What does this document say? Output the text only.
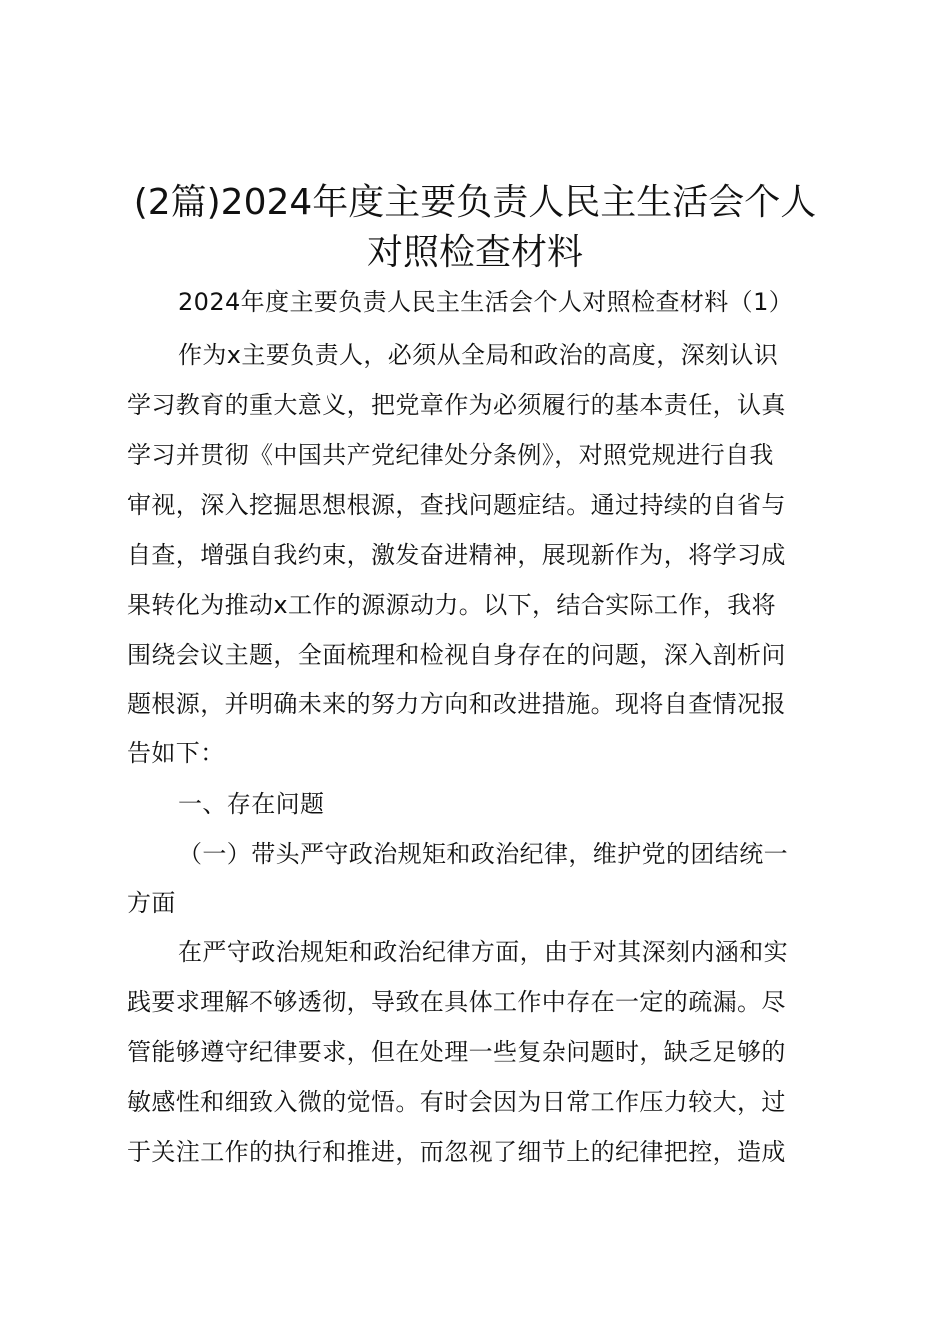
(2篇)2024年度主要负责人民主生活会个人
对照检查材料
2024年度主要负责人民主生活会个人对照检查材料（1）
作为x主要负责人，必须从全局和政治的高度，深刻认识
学习教育的重大意义，把党章作为必须履行的基本责任，认真
学习并贯彻《中国共产党纪律处分条例》，对照党规进行自我
审视，深入挖掘思想根源，查找问题症结。通过持续的自省与
自查，增强自我约束，激发奋进精神，展现新作为，将学习成
果转化为推动x工作的源源动力。以下，结合实际工作，我将
围绕会议主题，全面梳理和检视自身存在的问题，深入剖析问
题根源，并明确未来的努力方向和改进措施。现将自查情况报
告如下：
一、存在问题
（一）带头严守政治规矩和政治纪律，维护党的团结统一
方面
在严守政治规矩和政治纪律方面，由于对其深刻内涵和实
践要求理解不够透彻，导致在具体工作中存在一定的疏漏。尽
管能够遵守纪律要求，但在处理一些复杂问题时，缺乏足够的
敏感性和细致入微的觉悟。有时会因为日常工作压力较大，过
于关注工作的执行和推进，而忽视了细节上的纪律把控，造成
